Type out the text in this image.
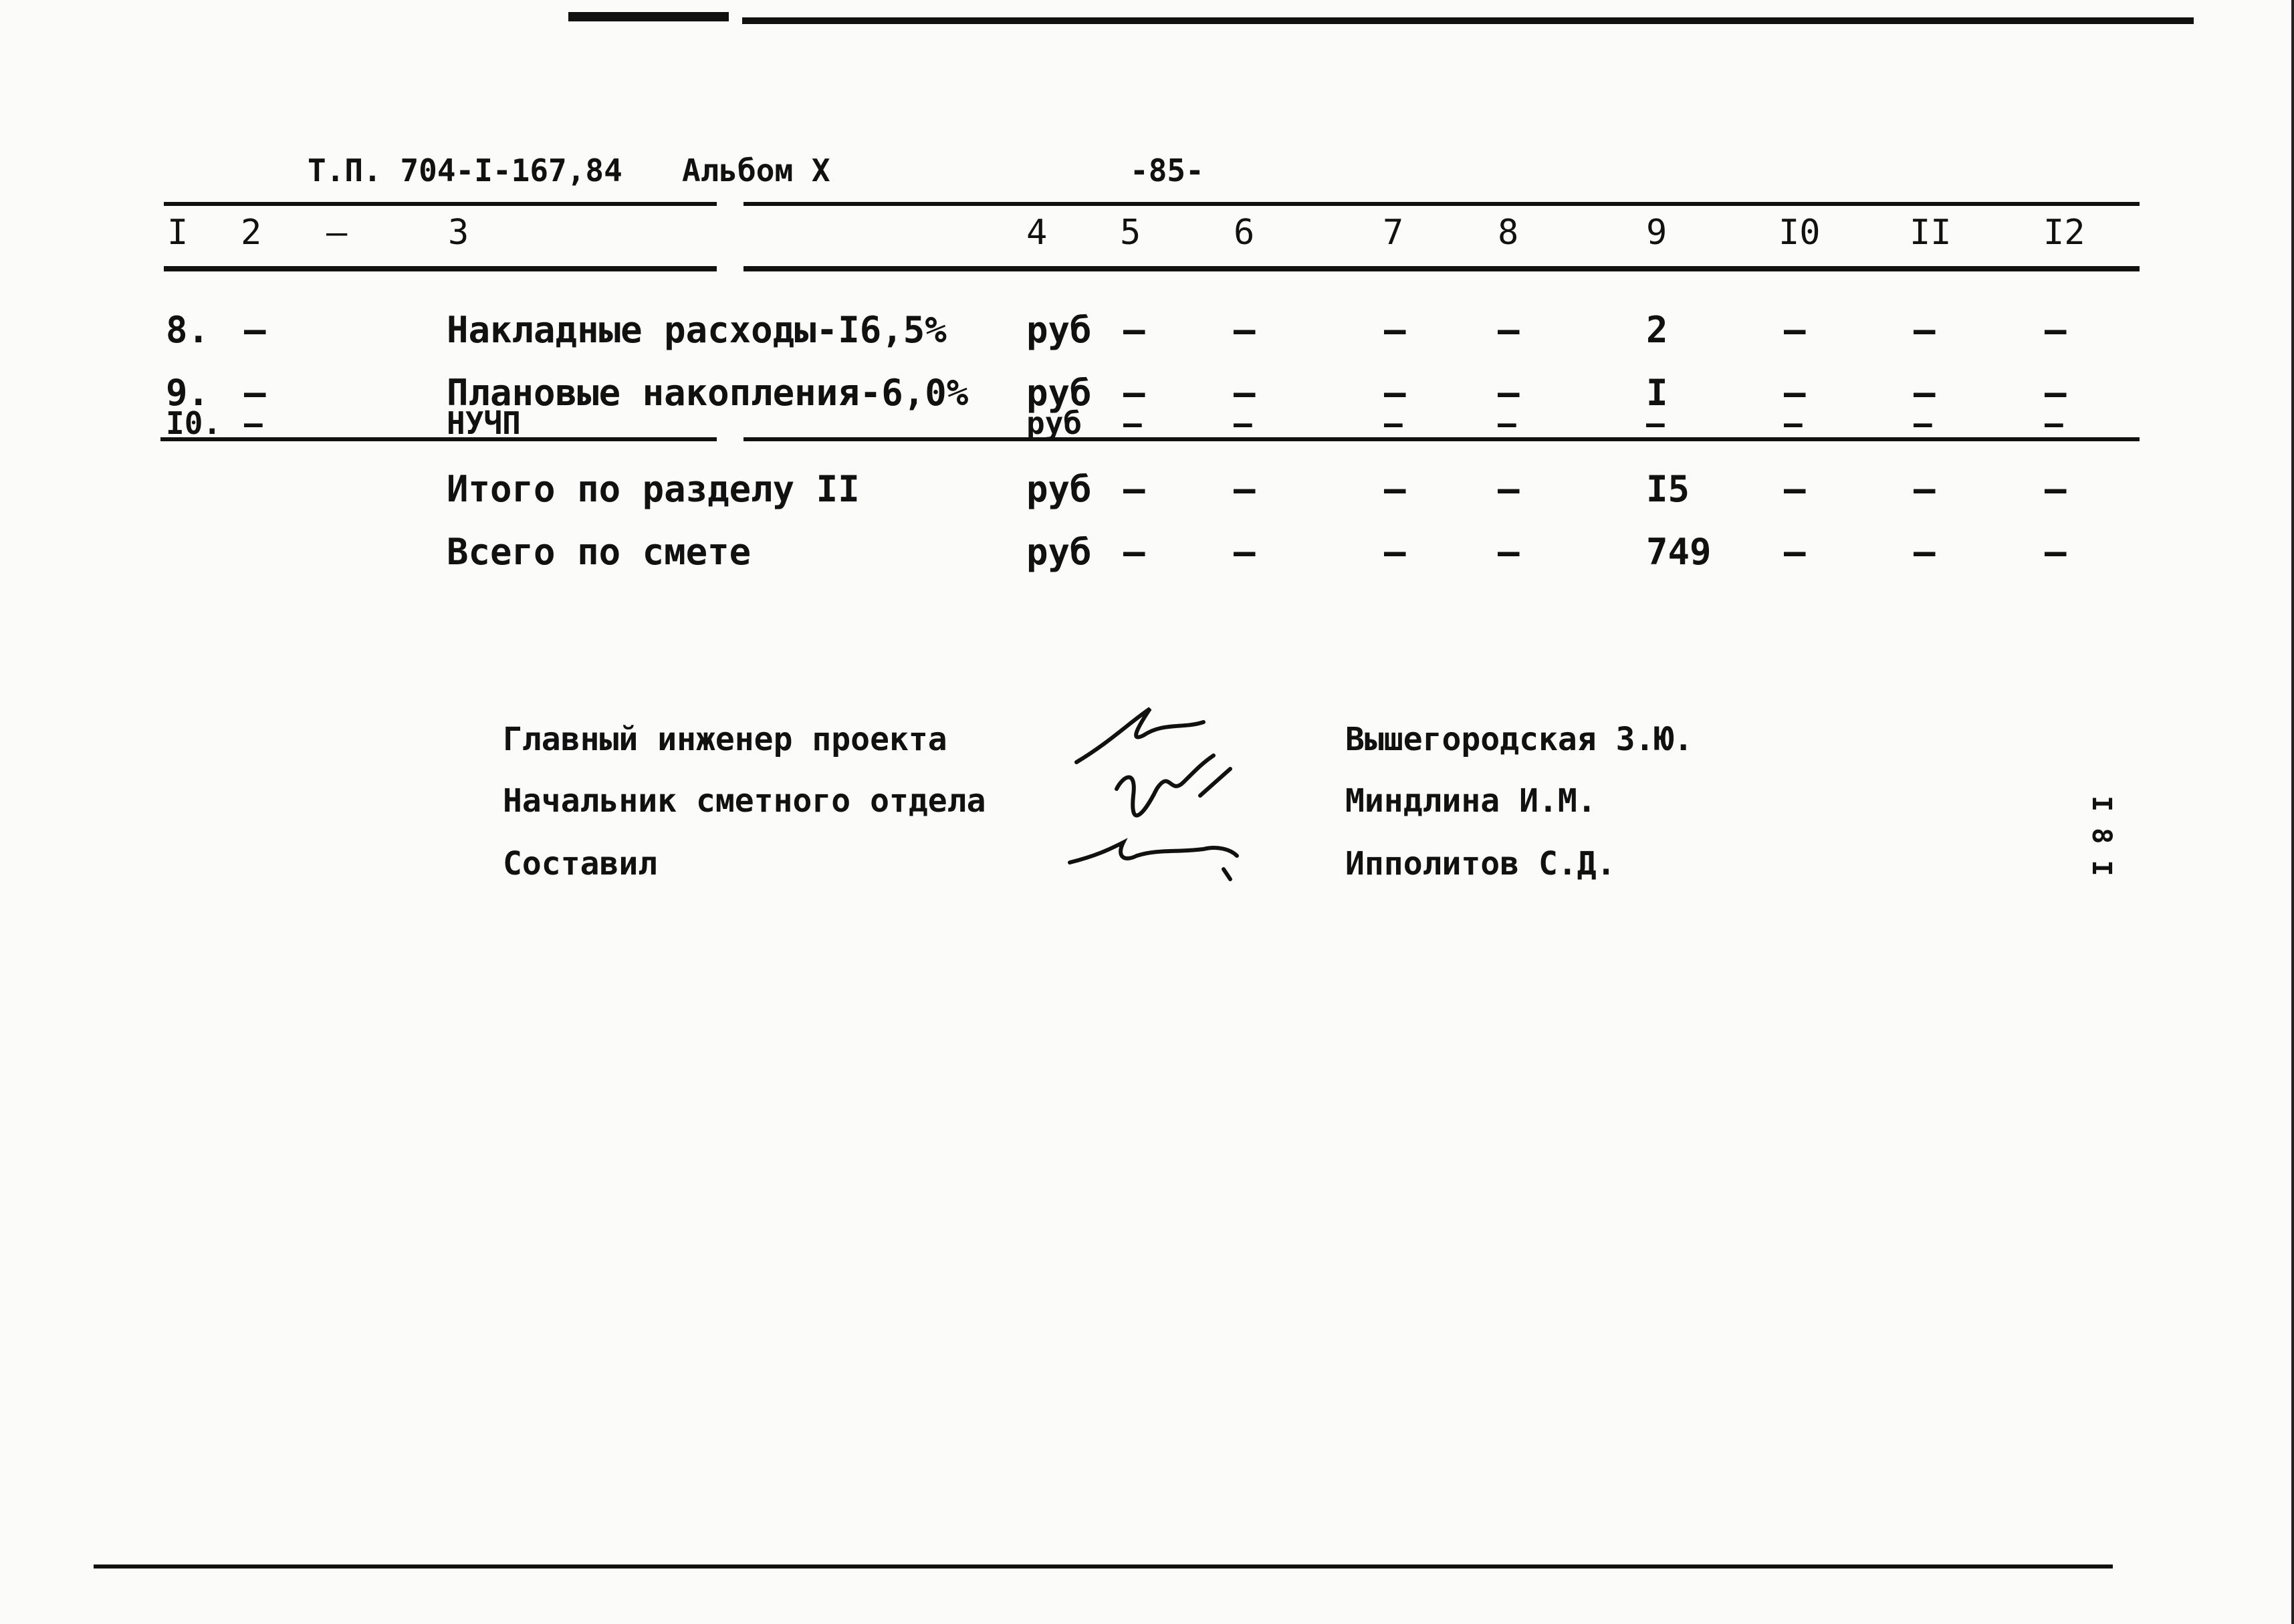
Т.П. 704-I-167,84 Альбом X	-85-
I 2 –	3	4 5	6	7	8	9	I0	II	I2
8. –	Накладные расходы-I6,5% руб – –	–	–	2	–	–	–
9. –	Плановые накопления-6,0% руб – –	–	–	I	–	–	–
I0. –	НУЧП	руб –	–	–	–	–	–	–	–
Итого по разделу II	руб – –	–	–	I5	–	–	–
Всего по смете	руб – –	–	–	749 –	–	–
Главный инженер проекта	Вышегородская З.Ю.
Начальник сметного отдела	Миндлина И.М.
Составил	Ипполитов С.Д.	I 8 I
